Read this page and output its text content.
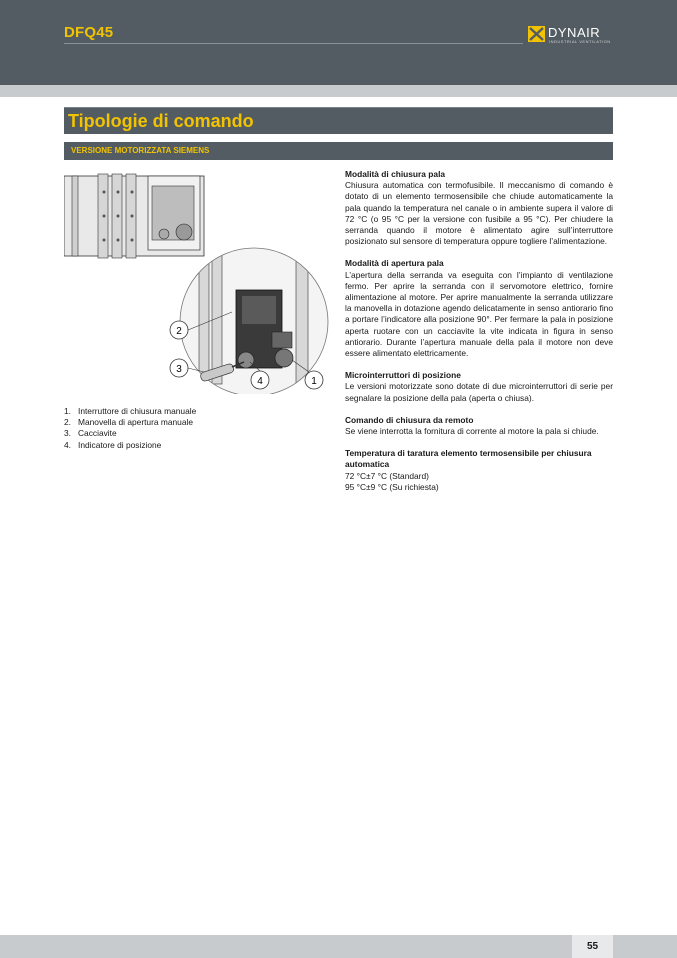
DFQ45	DYNAIR
INDUSTRIAL VENTILATION
Tipologie di comando
VERSIONE MOTORIZZATA SIEMENS
2
3
4	1
1. Interruttore di chiusura manuale
2. Manovella di apertura manuale
3. Cacciavite
4. Indicatore di posizione
Modalità di chiusura pala

Chiusura automatica con termofusibile. Il meccanismo di comando è dotato di un elemento termosensibile che chiude automaticamente la pala quando la temperatura nel canale o in ambiente supera il valore di 72 °C (o 95 °C per la versione con fusibile a 95 °C). Per chiudere la serranda quando il motore è alimentato agire sull’interruttore posizionato sul sensore di temperatura oppure togliere l’alimentazione.

Modalità di apertura pala

L’apertura della serranda va eseguita con l’impianto di ventilazione fermo. Per aprire la serranda con il servomotore elettrico, fornire alimentazione al motore. Per aprire manualmente la serranda utilizzare la manovella in dotazione agendo delicatamente in senso antiorario fino a portare l’indicatore alla posizione 90°. Per fermare la pala in posizione aperta ruotare con un cacciavite la vite indicata in figura in senso antiorario. Durante l’apertura manuale della pala il motore non deve essere alimentato elettricamente.

Microinterruttori di posizione

Le versioni motorizzate sono dotate di due microinterruttori di serie per segnalare la posizione della pala (aperta o chiusa).

Comando di chiusura da remoto

Se viene interrotta la fornitura di corrente al motore la pala si chiude.

Temperatura di taratura elemento termosensibile per chiusura automatica

72 °C±7 °C (Standard)

95 °C±9 °C (Su richiesta)

55
